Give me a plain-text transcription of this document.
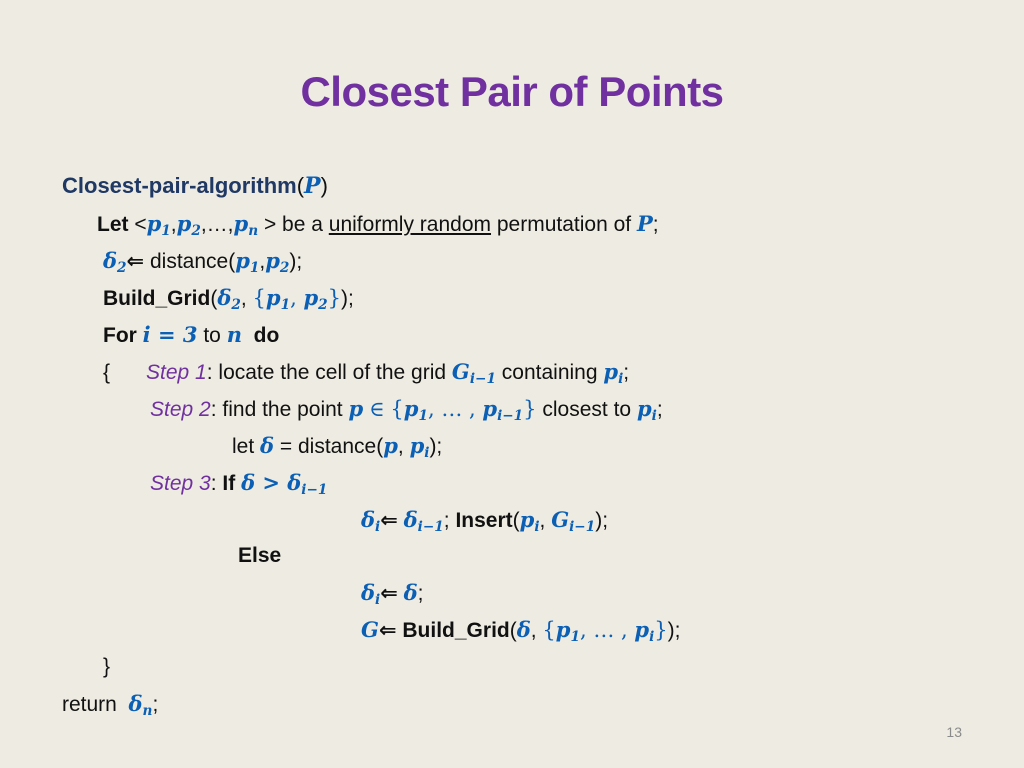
Closest Pair of Points
Closest-pair-algorithm(P)
Let $<p_1,p_2,\dots,p_n$ > be a uniformly random permutation of P;
$\delta_2⇐$ $distance(p_1,p_2)$;
$Build\_Grid(\delta_2$, {$p_1$, $p_2$});
For i = 3 to n do
{ Step 1: locate the cell of the grid $G_{i-1}$ containing $p_i$;
Step 2: find the point p ∈ {$p_1$, … , $p_{i-1}$} closest to $p_i$;
let δ = distance(p, $p_i$);
Step 3: If $\delta > \delta_{i-1}$
$\delta_i⇐$ $\delta_{i-1}$; $Insert(p_i$, $G_{i-1}$);
Else
$\delta_i⇐$ δ;
G⇐ Build_Grid(δ, {$p_1$, … , $p_i$});
}
return $\delta_n$;
13
